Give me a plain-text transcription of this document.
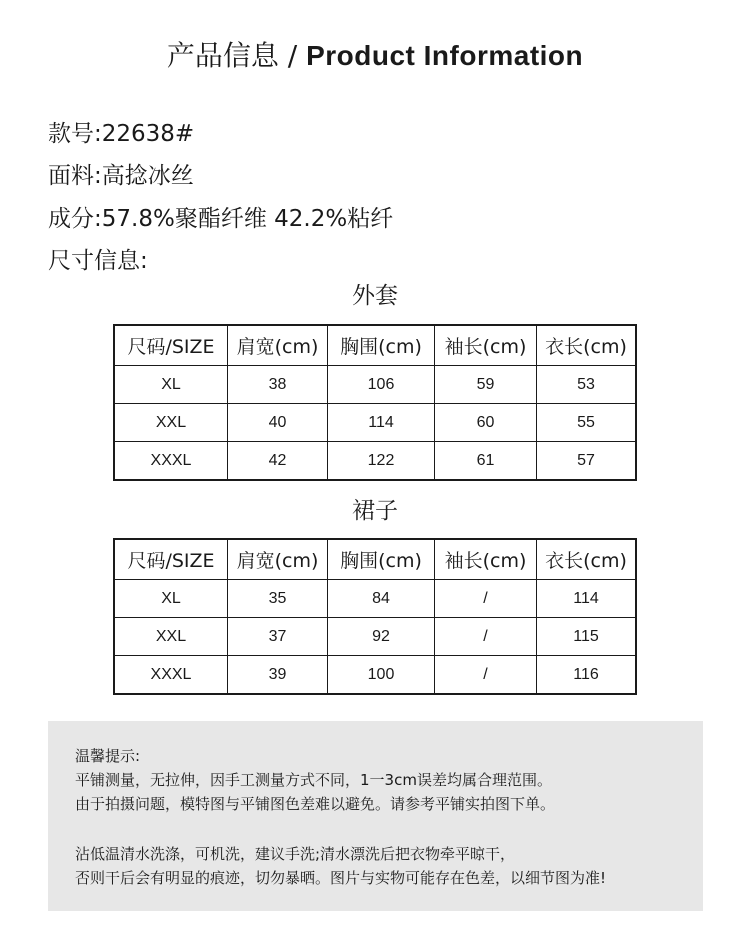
产品信息 / Product Information
款号:22638#
面料:高捻冰丝
成分:57.8%聚酯纤维 42.2%粘纤
尺寸信息:
外套
尺码/SIZE	肩宽(cm)	胸围(cm)	袖长(cm)	衣长(cm)
XL	38	106	59	53
XXL	40	114	60	55
XXXL	42	122	61	57
裙子
尺码/SIZE	肩宽(cm)	胸围(cm)	袖长(cm)	衣长(cm)
XL	35	84	/	114
XXL	37	92	/	115
XXXL	39	100	/	116

温馨提示:

平铺测量，无拉伸，因手工测量方式不同，1一3cm误差均属合理范围。

由于拍摄问题，模特图与平铺图色差难以避免。请参考平铺实拍图下单。

沾低温清水洗涤，可机洗，建议手洗;清水漂洗后把衣物牵平晾干，

否则干后会有明显的痕迹，切勿暴晒。图片与实物可能存在色差，以细节图为准!
